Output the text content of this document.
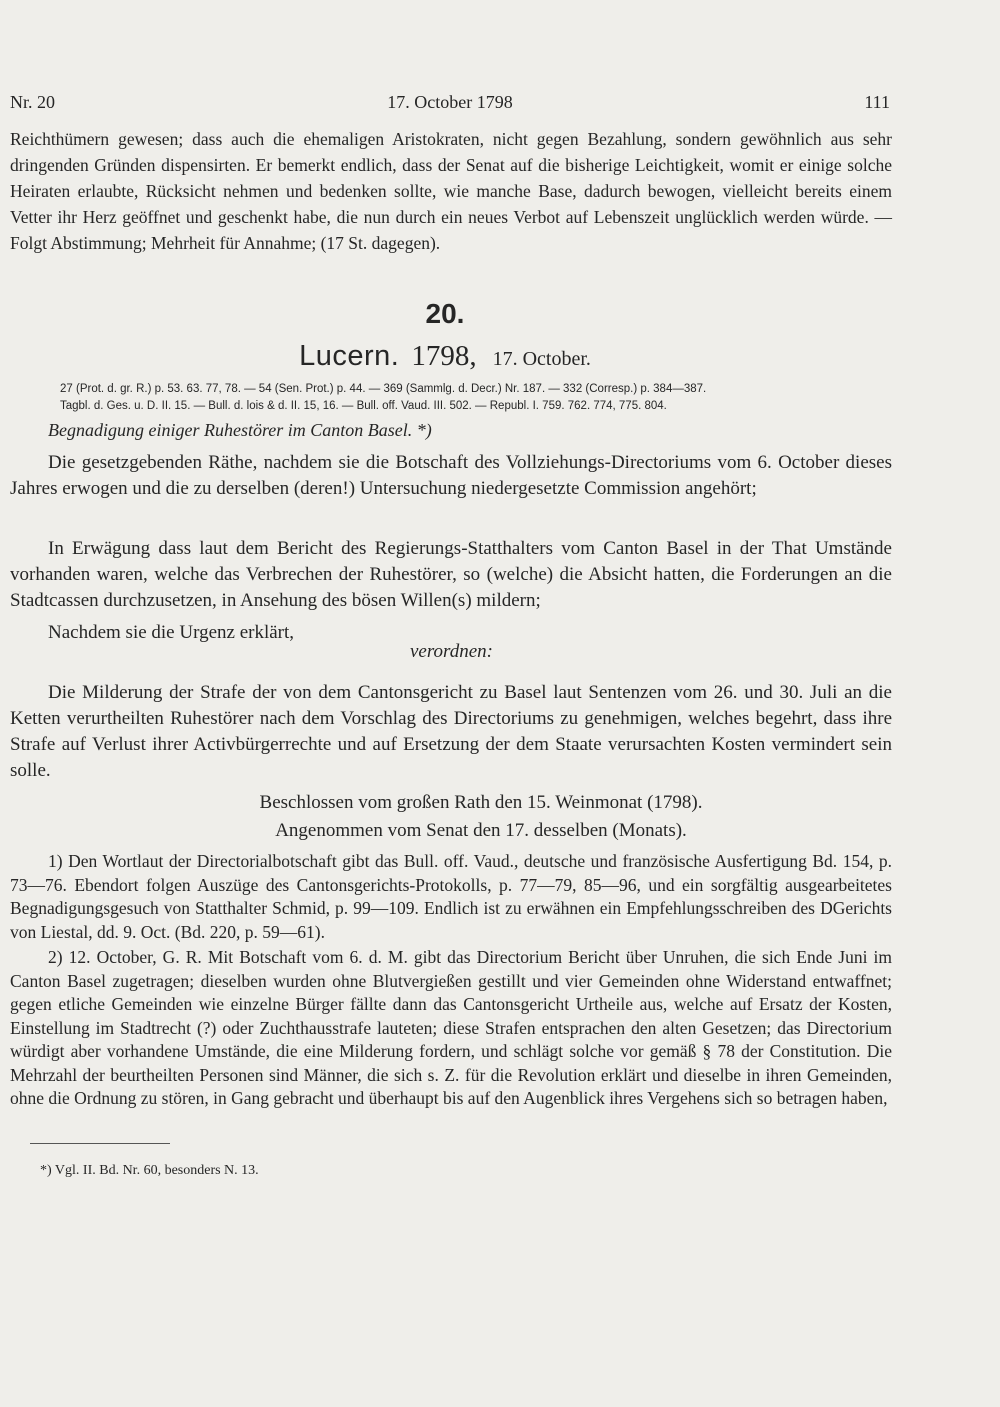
Nr. 20	17. October 1798	111
Reichthümern gewesen; dass auch die ehemaligen Aristokraten, nicht gegen Bezahlung, sondern gewöhnlich aus sehr dringenden Gründen dispensirten. Er bemerkt endlich, dass der Senat auf die bisherige Leichtigkeit, womit er einige solche Heiraten erlaubte, Rücksicht nehmen und bedenken sollte, wie manche Base, dadurch bewogen, vielleicht bereits einem Vetter ihr Herz geöffnet und geschenkt habe, die nun durch ein neues Verbot auf Lebenszeit unglücklich werden würde. — Folgt Abstimmung; Mehrheit für Annahme; (17 St. dagegen).
20.
Lucern. 1798, 17. October.
27 (Prot. d. gr. R.) p. 53. 63. 77, 78. — 54 (Sen. Prot.) p. 44. — 369 (Sammlg. d. Decr.) Nr. 187. — 332 (Corresp.) p. 384—387.
Tagbl. d. Ges. u. D. II. 15. — Bull. d. lois & d. II. 15, 16. — Bull. off. Vaud. III. 502. — Republ. I. 759. 762. 774, 775. 804.
Begnadigung einiger Ruhestörer im Canton Basel. *)
Die gesetzgebenden Räthe, nachdem sie die Botschaft des Vollziehungs-Directoriums vom 6. October dieses Jahres erwogen und die zu derselben (deren!) Untersuchung niedergesetzte Commission angehört;
In Erwägung dass laut dem Bericht des Regierungs-Statthalters vom Canton Basel in der That Umstände vorhanden waren, welche das Verbrechen der Ruhestörer, so (welche) die Absicht hatten, die Forderungen an die Stadtcassen durchzusetzen, in Ansehung des bösen Willen(s) mildern;
Nachdem sie die Urgenz erklärt,
verordnen:
Die Milderung der Strafe der von dem Cantonsgericht zu Basel laut Sentenzen vom 26. und 30. Juli an die Ketten verurtheilten Ruhestörer nach dem Vorschlag des Directoriums zu genehmigen, welches begehrt, dass ihre Strafe auf Verlust ihrer Activbürgerrechte und auf Ersetzung der dem Staate verursachten Kosten vermindert sein solle.
Beschlossen vom großen Rath den 15. Weinmonat (1798).
Angenommen vom Senat den 17. desselben (Monats).
1) Den Wortlaut der Directorialbotschaft gibt das Bull. off. Vaud., deutsche und französische Ausfertigung Bd. 154, p. 73—76. Ebendort folgen Auszüge des Cantonsgerichts-Protokolls, p. 77—79, 85—96, und ein sorgfältig ausgearbeitetes Begnadigungsgesuch von Statthalter Schmid, p. 99—109. Endlich ist zu erwähnen ein Empfehlungsschreiben des DGerichts von Liestal, dd. 9. Oct. (Bd. 220, p. 59—61).
2) 12. October, G. R. Mit Botschaft vom 6. d. M. gibt das Directorium Bericht über Unruhen, die sich Ende Juni im Canton Basel zugetragen; dieselben wurden ohne Blutvergießen gestillt und vier Gemeinden ohne Widerstand entwaffnet; gegen etliche Gemeinden wie einzelne Bürger fällte dann das Cantonsgericht Urtheile aus, welche auf Ersatz der Kosten, Einstellung im Stadtrecht (?) oder Zuchthausstrafe lauteten; diese Strafen entsprachen den alten Gesetzen; das Directorium würdigt aber vorhandene Umstände, die eine Milderung fordern, und schlägt solche vor gemäß § 78 der Constitution. Die Mehrzahl der beurtheilten Personen sind Männer, die sich s. Z. für die Revolution erklärt und dieselbe in ihren Gemeinden, ohne die Ordnung zu stören, in Gang gebracht und überhaupt bis auf den Augenblick ihres Vergehens sich so betragen haben,
*) Vgl. II. Bd. Nr. 60, besonders N. 13.
